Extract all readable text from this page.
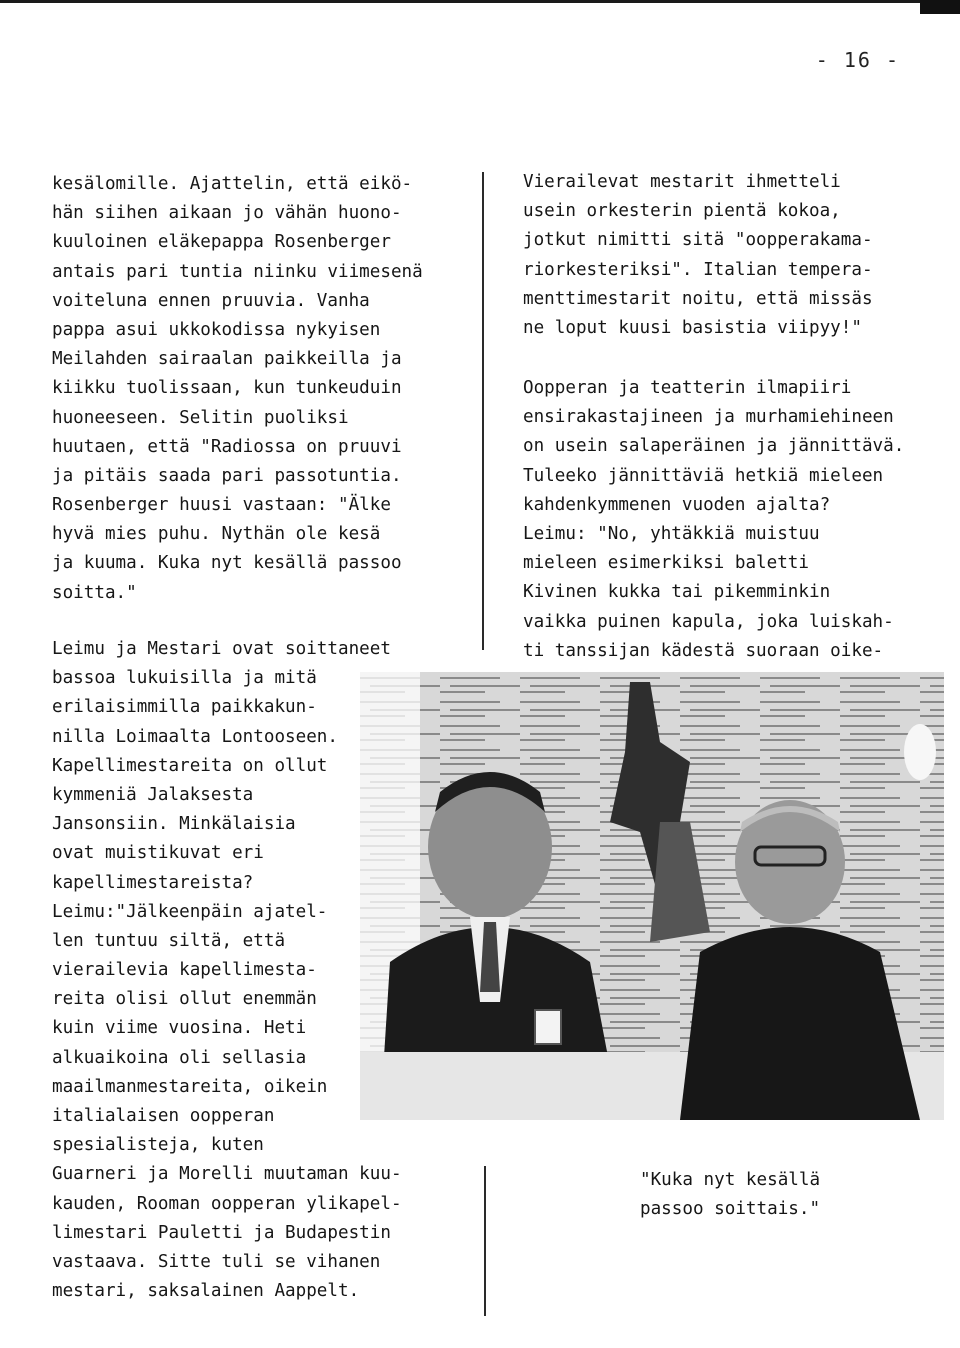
- 16 -
kesälomille. Ajattelin, että eikö-
hän siihen aikaan jo vähän huono-
kuuloinen eläkepappa Rosenberger
antais pari tuntia niinku viimesenä
voiteluna ennen pruuvia. Vanha
pappa asui ukkokodissa nykyisen
Meilahden sairaalan paikkeilla ja
kiikku tuolissaan, kun tunkeuduin
huoneeseen. Selitin puoliksi
huutaen, että "Radiossa on pruuvi
ja pitäis saada pari passotuntia.
Rosenberger huusi vastaan: "Älke
hyvä mies puhu. Nythän ole kesä
ja kuuma. Kuka nyt kesällä passoo
soitta."
Leimu ja Mestari ovat soittaneet
bassoa lukuisilla ja mitä
erilaisimmilla paikkakun-
nilla Loimaalta Lontooseen.
Kapellimestareita on ollut
kymmeniä Jalaksesta
Jansonsiin. Minkälaisia
ovat muistikuvat eri
kapellimestareista?
Leimu:"Jälkeenpäin ajatel-
len tuntuu siltä, että
vierailevia kapellimesta-
reita olisi ollut enemmän
kuin viime vuosina. Heti
alkuaikoina oli sellasia
maailmanmestareita, oikein
italialaisen oopperan
spesialisteja, kuten
Guarneri ja Morelli muutaman kuu-
kauden, Rooman oopperan ylikapel-
limestari Pauletti ja Budapestin
vastaava. Sitte tuli se vihanen
mestari, saksalainen Aappelt.
Vierailevat mestarit ihmetteli
usein orkesterin pientä kokoa,
jotkut nimitti sitä "oopperakama-
riorkesteriksi". Italian tempera-
menttimestarit noitu, että missäs
ne loput kuusi basistia viipyy!"
Oopperan ja teatterin ilmapiiri
ensirakastajineen ja murhamiehineen
on usein salaperäinen ja jännittävä.
Tuleeko jännittäviä hetkiä mieleen
kahdenkymmenen vuoden ajalta?
Leimu: "No, yhtäkkiä muistuu
mieleen esimerkiksi baletti
Kivinen kukka tai pikemminkin
vaikka puinen kapula, joka luiskah-
ti tanssijan kädestä suoraan oike-
"Kuka nyt kesällä
passoo soittais."
